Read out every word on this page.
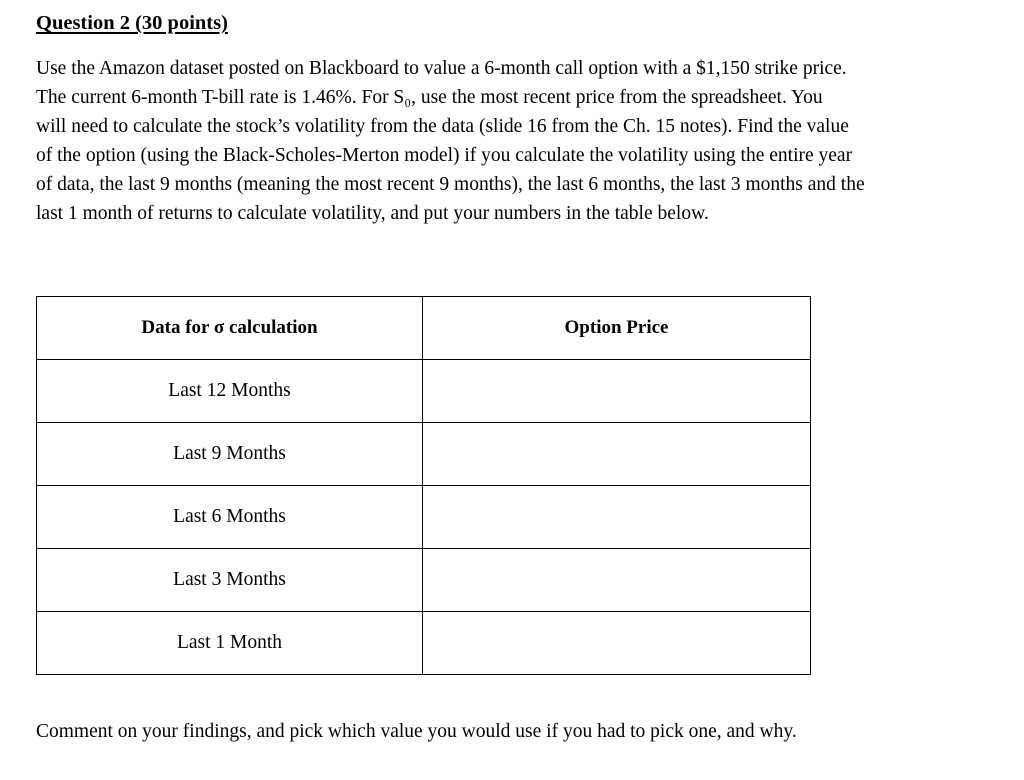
Question 2 (30 points)

Use the Amazon dataset posted on Blackboard to value a 6-month call option with a $1,150 strike price.
The current 6-month T-bill rate is 1.46%. For S₀, use the most recent price from the spreadsheet. You
will need to calculate the stock’s volatility from the data (slide 16 from the Ch. 15 notes). Find the value
of the option (using the Black-Scholes-Merton model) if you calculate the volatility using the entire year
of data, the last 9 months (meaning the most recent 9 months), the last 6 months, the last 3 months and the
last 1 month of returns to calculate volatility, and put your numbers in the table below.

Data for σ calculation	Option Price
Last 12 Months	
Last 9 Months	
Last 6 Months	
Last 3 Months	
Last 1 Month	

Comment on your findings, and pick which value you would use if you had to pick one, and why.
